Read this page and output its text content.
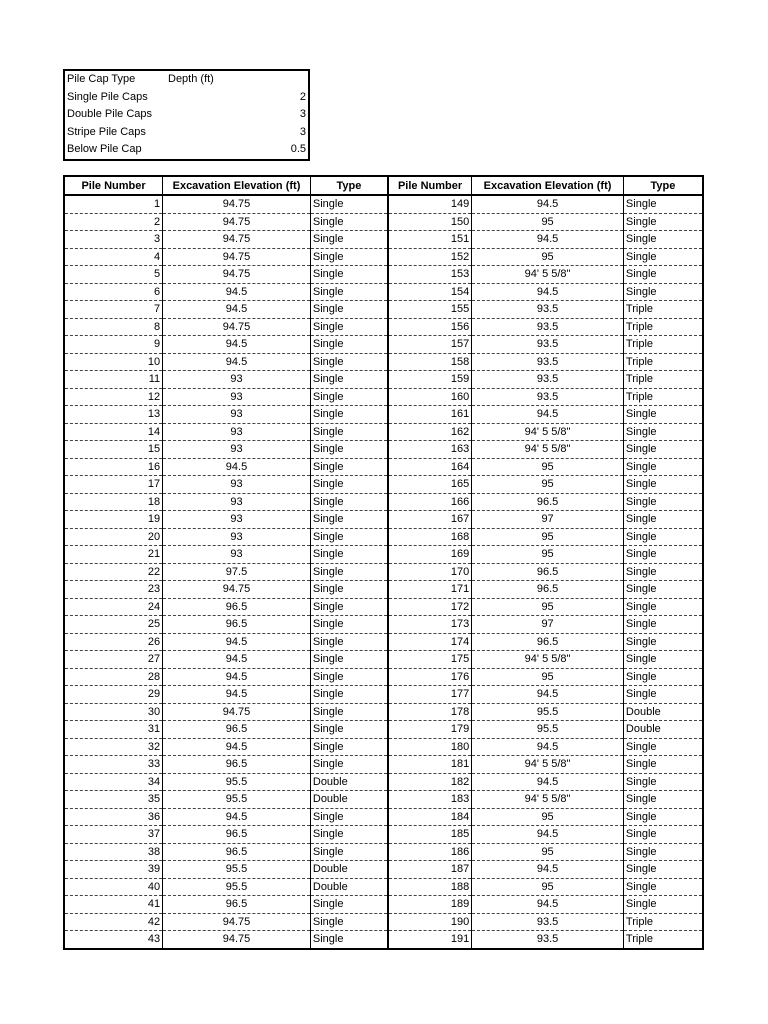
Pile Cap Type	Depth (ft)
Single Pile Caps	2
Double Pile Caps	3
Stripe Pile Caps	3
Below Pile Cap	0.5
Pile Number	Excavation Elevation (ft)	Type	Pile Number	Excavation Elevation (ft)	Type
1	94.75	Single	149	94.5	Single
2	94.75	Single	150	95	Single
3	94.75	Single	151	94.5	Single
4	94.75	Single	152	95	Single
5	94.75	Single	153	94' 5 5/8"	Single
6	94.5	Single	154	94.5	Single
7	94.5	Single	155	93.5	Triple
8	94.75	Single	156	93.5	Triple
9	94.5	Single	157	93.5	Triple
10	94.5	Single	158	93.5	Triple
11	93	Single	159	93.5	Triple
12	93	Single	160	93.5	Triple
13	93	Single	161	94.5	Single
14	93	Single	162	94' 5 5/8"	Single
15	93	Single	163	94' 5 5/8"	Single
16	94.5	Single	164	95	Single
17	93	Single	165	95	Single
18	93	Single	166	96.5	Single
19	93	Single	167	97	Single
20	93	Single	168	95	Single
21	93	Single	169	95	Single
22	97.5	Single	170	96.5	Single
23	94.75	Single	171	96.5	Single
24	96.5	Single	172	95	Single
25	96.5	Single	173	97	Single
26	94.5	Single	174	96.5	Single
27	94.5	Single	175	94' 5 5/8"	Single
28	94.5	Single	176	95	Single
29	94.5	Single	177	94.5	Single
30	94.75	Single	178	95.5	Double
31	96.5	Single	179	95.5	Double
32	94.5	Single	180	94.5	Single
33	96.5	Single	181	94' 5 5/8"	Single
34	95.5	Double	182	94.5	Single
35	95.5	Double	183	94' 5 5/8"	Single
36	94.5	Single	184	95	Single
37	96.5	Single	185	94.5	Single
38	96.5	Single	186	95	Single
39	95.5	Double	187	94.5	Single
40	95.5	Double	188	95	Single
41	96.5	Single	189	94.5	Single
42	94.75	Single	190	93.5	Triple
43	94.75	Single	191	93.5	Triple
